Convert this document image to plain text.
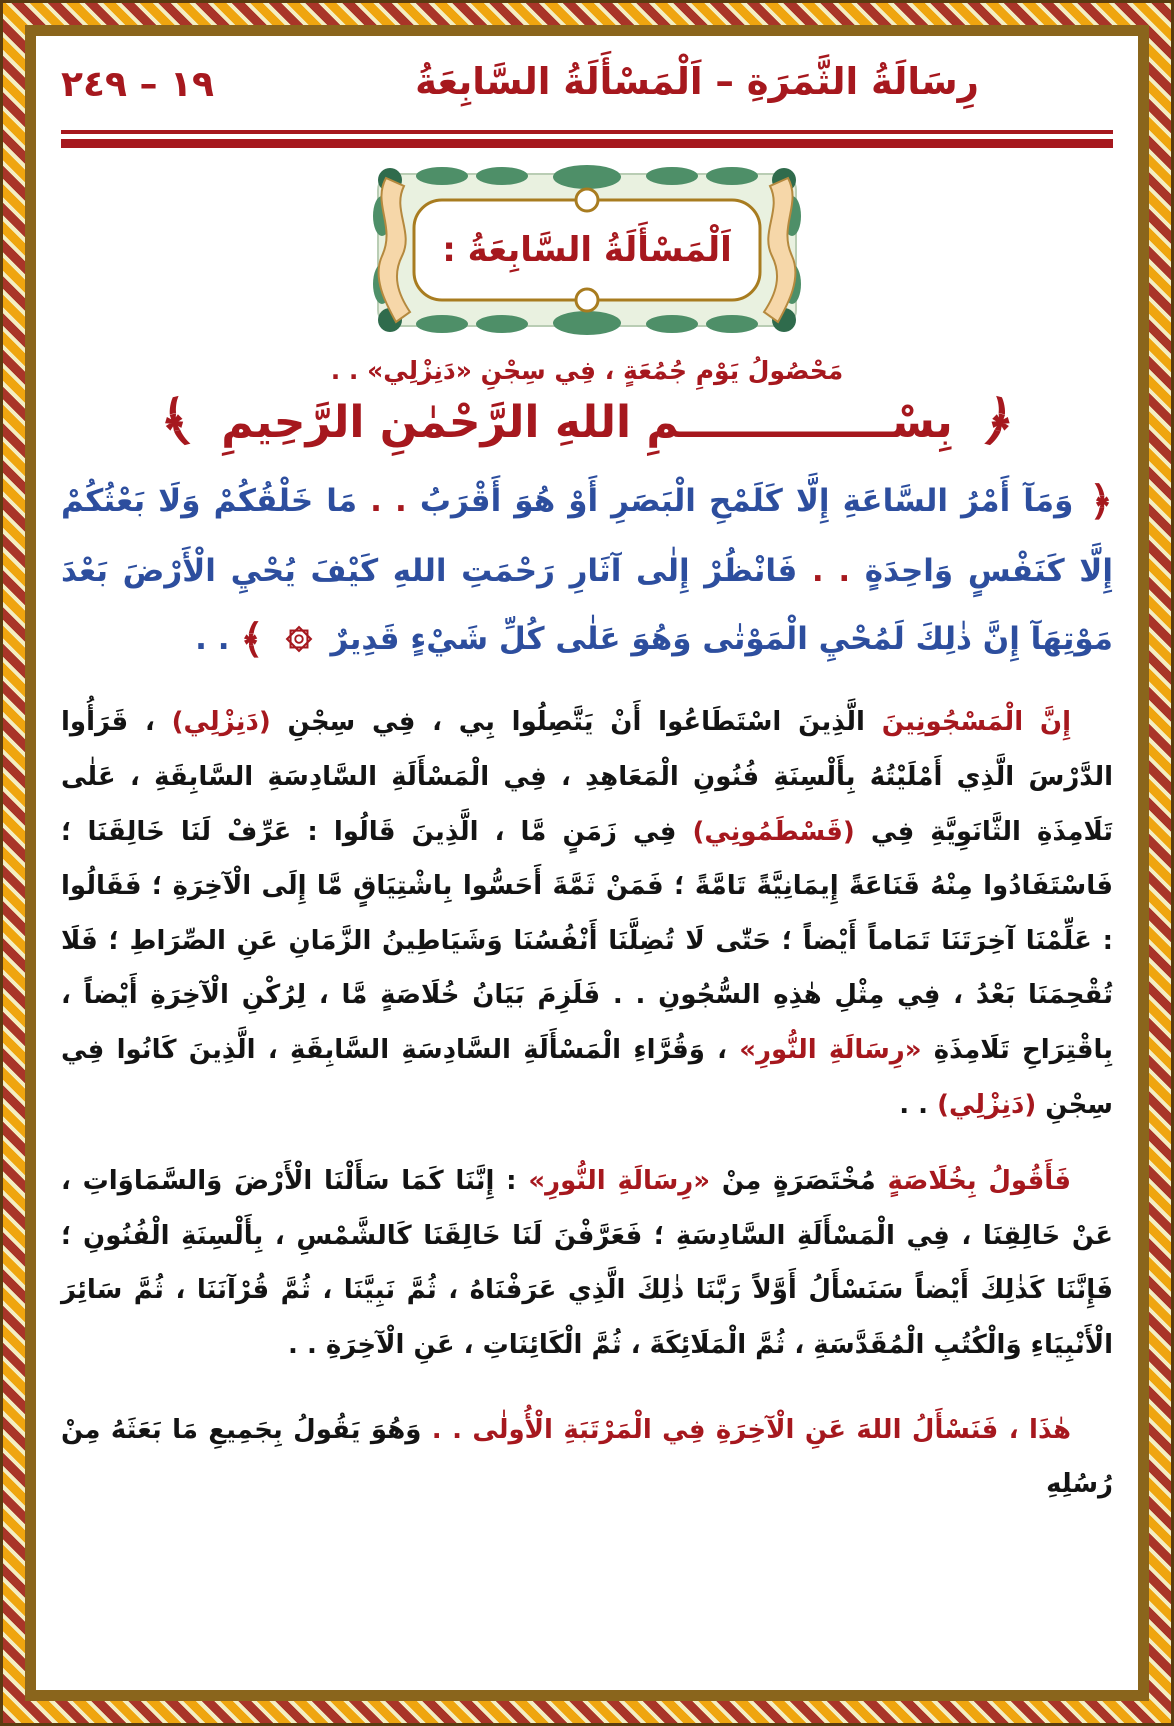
١٩ – ٢٤٩	رِسَالَةُ الثَّمَرَةِ – اَلْمَسْأَلَةُ السَّابِعَةُ
اَلْمَسْأَلَةُ السَّابِعَةُ :
مَحْصُولُ يَوْمِ جُمُعَةٍ ، فِي سِجْنِ «دَنِزْلِي» . .
﴿
بِسْــــــــــــــمِ اللهِ الرَّحْمٰنِ الرَّحِيمِ
﴾
﴿ وَمَآ أَمْرُ السَّاعَةِ إِلَّا كَلَمْحِ الْبَصَرِ أَوْ هُوَ أَقْرَبُ . . مَا خَلْقُكُمْ وَلَا بَعْثُكُمْ إِلَّا كَنَفْسٍ وَاحِدَةٍ . . فَانْظُرْ إِلٰى آثَارِ رَحْمَتِ اللهِ كَيْفَ يُحْيِ الْأَرْضَ بَعْدَ مَوْتِهَآ إِنَّ ذٰلِكَ لَمُحْيِ الْمَوْتٰى وَهُوَ عَلٰى كُلِّ شَيْءٍ قَدِيرٌ  ﴾ . .

إِنَّ الْمَسْجُونِينَ الَّذِينَ اسْتَطَاعُوا أَنْ يَتَّصِلُوا بِي ، فِي سِجْنِ (دَنِزْلِي) ، قَرَأُوا الدَّرْسَ الَّذِي أَمْلَيْتُهُ بِأَلْسِنَةِ فُنُونِ الْمَعَاهِدِ ، فِي الْمَسْأَلَةِ السَّادِسَةِ السَّابِقَةِ ، عَلٰى تَلَامِذَةِ الثَّانَوِيَّةِ فِي (قَسْطَمُونِي) فِي زَمَنٍ مَّا ، الَّذِينَ قَالُوا : عَرِّفْ لَنَا خَالِقَنَا ؛ فَاسْتَفَادُوا مِنْهُ قَنَاعَةً إِيمَانِيَّةً تَامَّةً ؛ فَمَنْ ثَمَّةَ أَحَسُّوا بِاشْتِيَاقٍ مَّا إِلَى الْآخِرَةِ ؛ فَقَالُوا : عَلِّمْنَا آخِرَتَنَا تَمَاماً أَيْضاً ؛ حَتّٰى لَا تُضِلَّنَا أَنْفُسُنَا وَشَيَاطِينُ الزَّمَانِ عَنِ الصِّرَاطِ ؛ فَلَا تُقْحِمَنَا بَعْدُ ، فِي مِثْلِ هٰذِهِ السُّجُونِ . . فَلَزِمَ بَيَانُ خُلَاصَةٍ مَّا ، لِرُكْنِ الْآخِرَةِ أَيْضاً ، بِاقْتِرَاحِ تَلَامِذَةِ «رِسَالَةِ النُّورِ» ، وَقُرَّاءِ الْمَسْأَلَةِ السَّادِسَةِ السَّابِقَةِ ، الَّذِينَ كَانُوا فِي سِجْنِ (دَنِزْلِي) . .

فَأَقُولُ بِخُلَاصَةٍ مُخْتَصَرَةٍ مِنْ «رِسَالَةِ النُّورِ» : إِنَّنَا كَمَا سَأَلْنَا الْأَرْضَ وَالسَّمَاوَاتِ ، عَنْ خَالِقِنَا ، فِي الْمَسْأَلَةِ السَّادِسَةِ ؛ فَعَرَّفْنَ لَنَا خَالِقَنَا كَالشَّمْسِ ، بِأَلْسِنَةِ الْفُنُونِ ؛ فَإِنَّنَا كَذٰلِكَ أَيْضاً سَنَسْأَلُ أَوَّلاً رَبَّنَا ذٰلِكَ الَّذِي عَرَفْنَاهُ ، ثُمَّ نَبِيَّنَا ، ثُمَّ قُرْآنَنَا ، ثُمَّ سَائِرَ الْأَنْبِيَاءِ وَالْكُتُبِ الْمُقَدَّسَةِ ، ثُمَّ الْمَلَائِكَةَ ، ثُمَّ الْكَائِنَاتِ ، عَنِ الْآخِرَةِ . .

هٰذَا ، فَنَسْأَلُ اللهَ عَنِ الْآخِرَةِ فِي الْمَرْتَبَةِ الْأُولٰى . . وَهُوَ يَقُولُ بِجَمِيعِ مَا بَعَثَهُ مِنْ رُسُلِهِ
